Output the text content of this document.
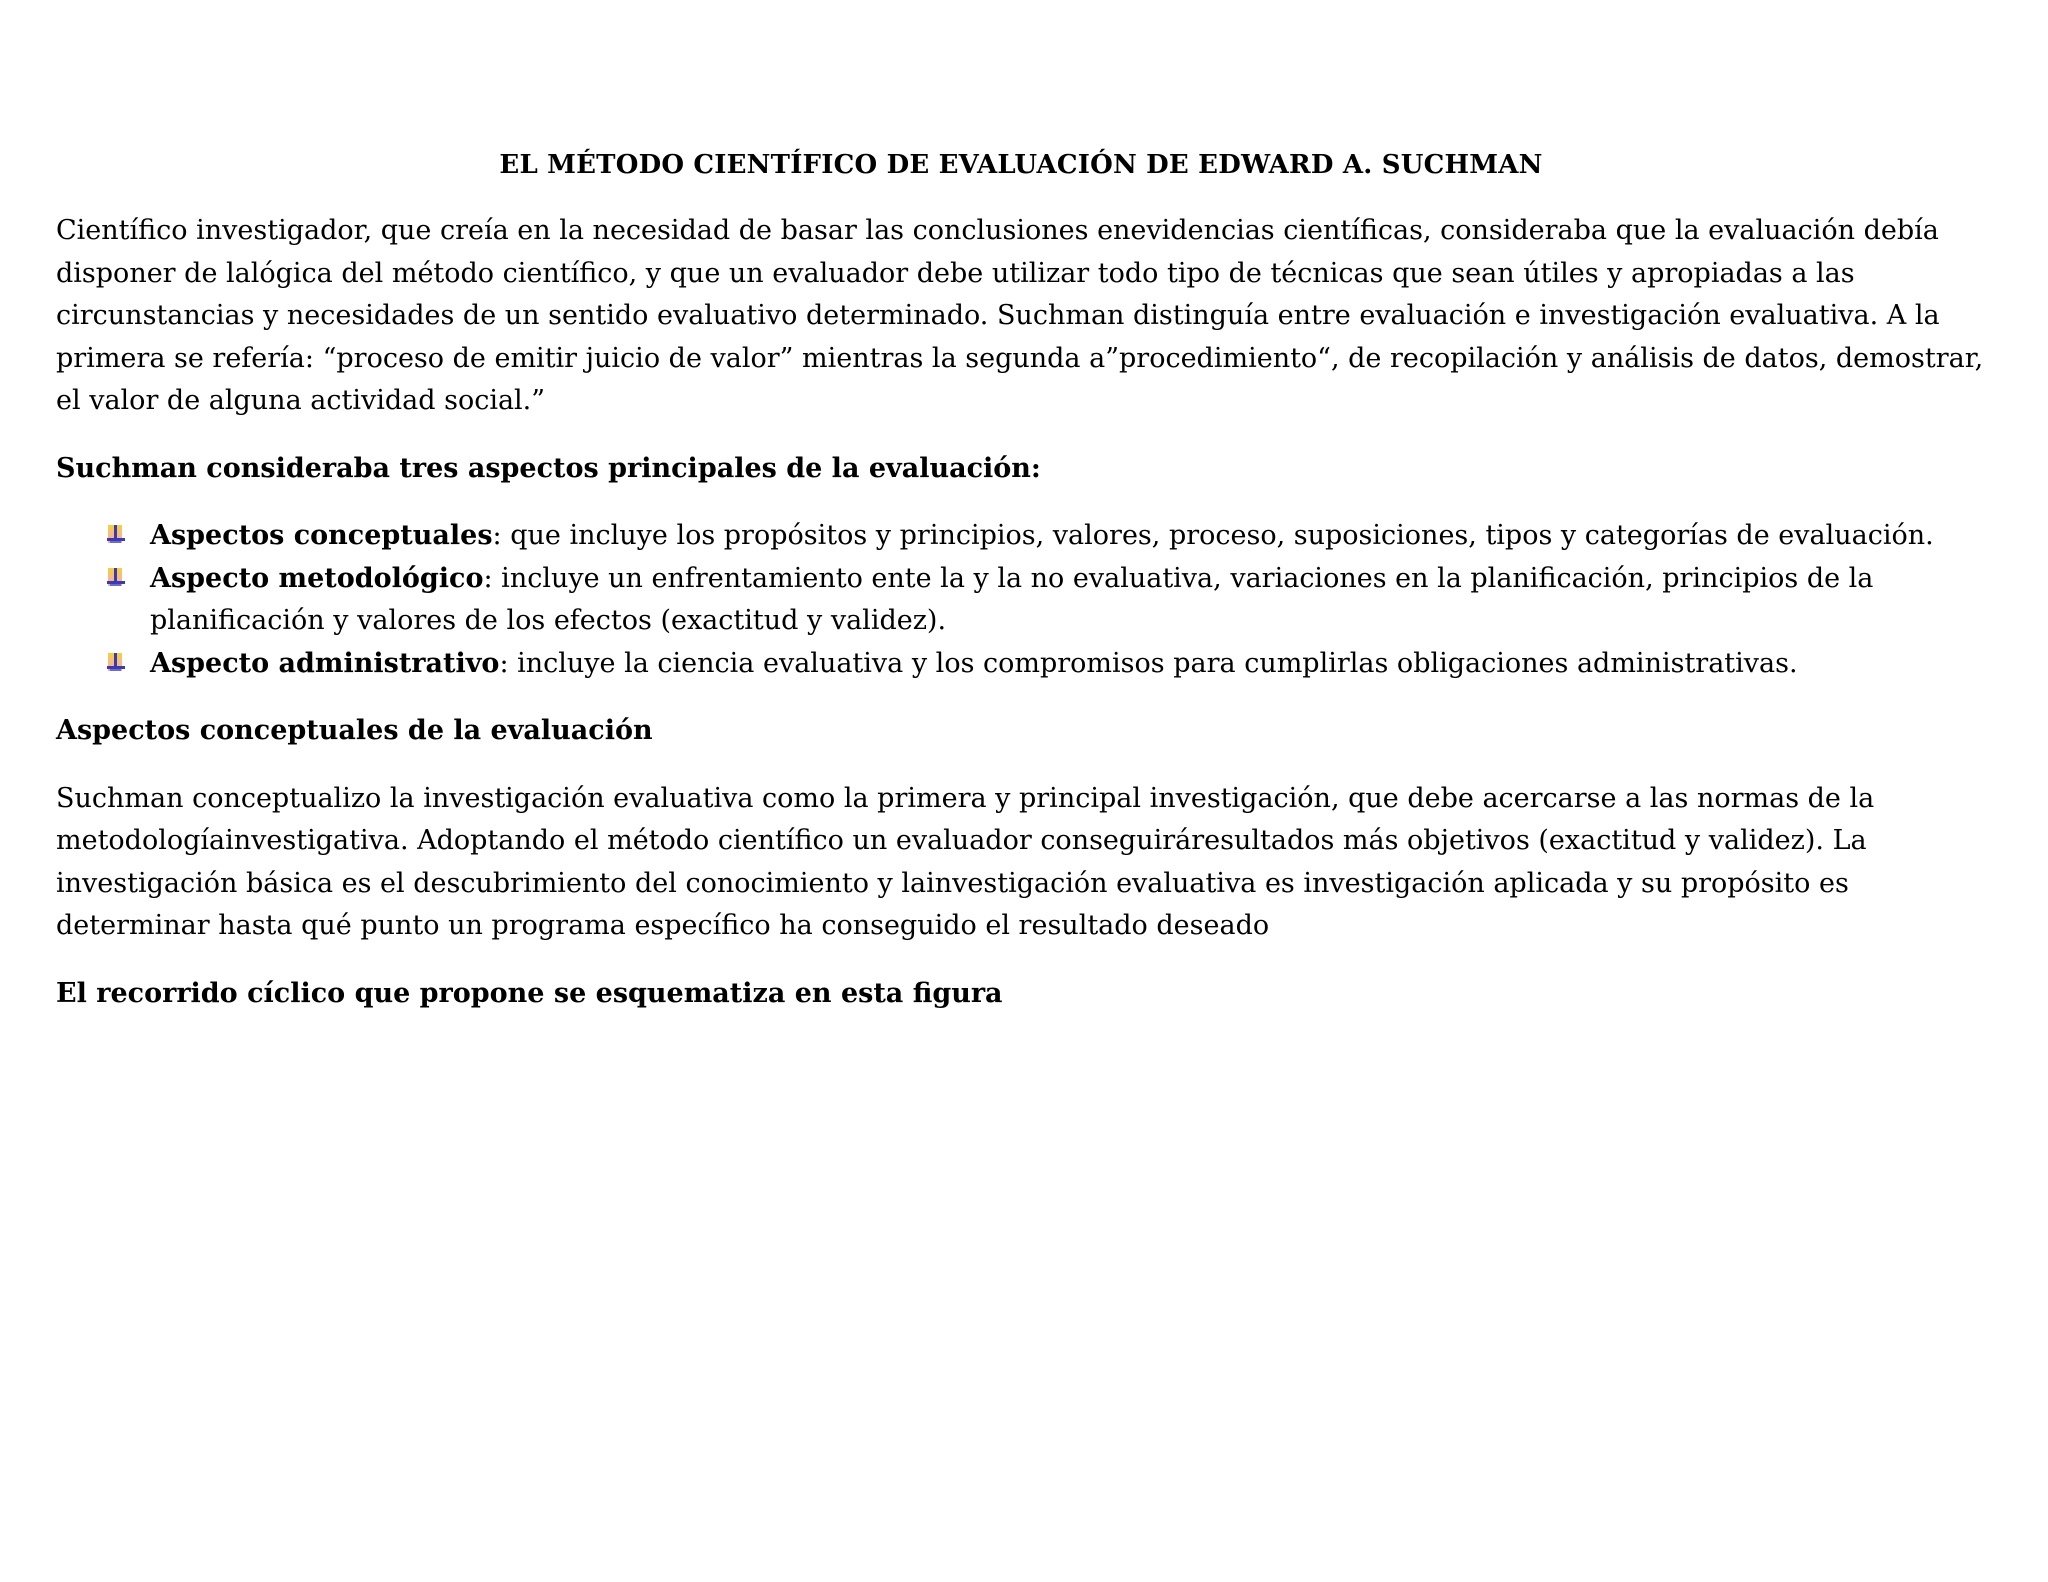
EL MÉTODO CIENTÍFICO DE EVALUACIÓN DE EDWARD A. SUCHMAN

Científico investigador, que creía en la necesidad de basar las conclusiones enevidencias científicas, consideraba que la evaluación debía disponer de lalógica del método científico, y que un evaluador debe utilizar todo tipo de técnicas que sean útiles y apropiadas a las circunstancias y necesidades de un sentido evaluativo determinado. Suchman distinguía entre evaluación e investigación evaluativa. A la primera se refería: “proceso de emitir juicio de valor” mientras la segunda a”procedimiento“, de recopilación y análisis de datos, demostrar, el valor de alguna actividad social.”

Suchman consideraba tres aspectos principales de la evaluación:

Aspectos conceptuales: que incluye los propósitos y principios, valores, proceso, suposiciones, tipos y categorías de evaluación.
Aspecto metodológico: incluye un enfrentamiento ente la y la no evaluativa, variaciones en la planificación, principios de la planificación y valores de los efectos (exactitud y validez).
Aspecto administrativo: incluye la ciencia evaluativa y los compromisos para cumplirlas obligaciones administrativas.

Aspectos conceptuales de la evaluación

Suchman conceptualizo la investigación evaluativa como la primera y principal investigación, que debe acercarse a las normas de la metodologíainvestigativa. Adoptando el método científico un evaluador conseguiráresultados más objetivos (exactitud y validez). La investigación básica es el descubrimiento del conocimiento y lainvestigación evaluativa es investigación aplicada y su propósito es determinar hasta qué punto un programa específico ha conseguido el resultado deseado

El recorrido cíclico que propone se esquematiza en esta figura
